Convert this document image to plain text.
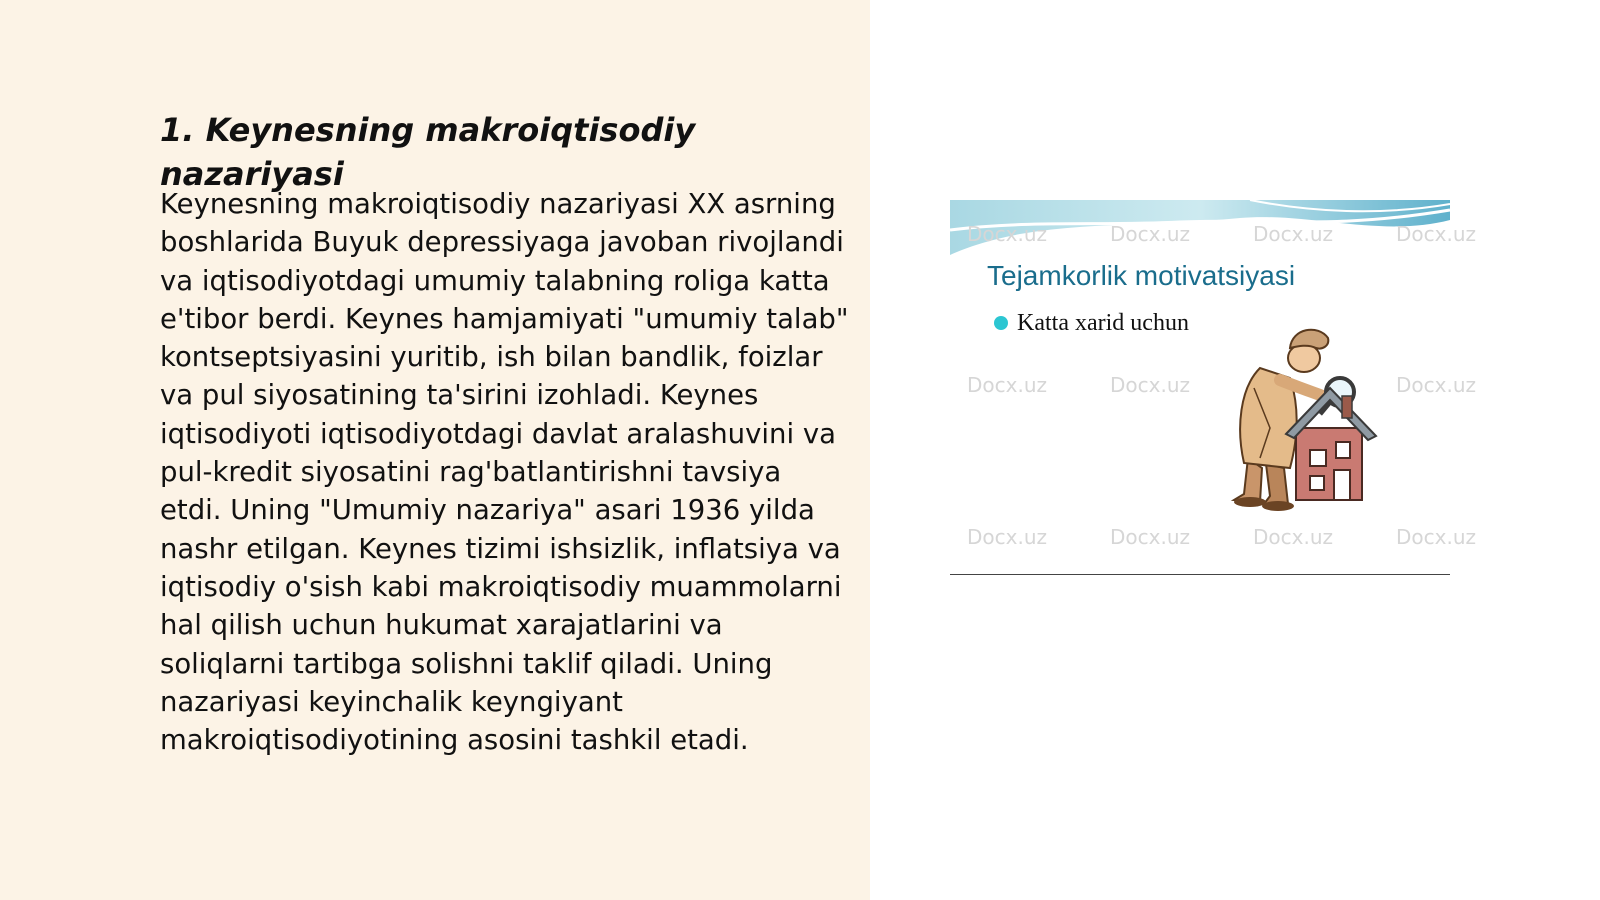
1. Keynesning makroiqtisodiy nazariyasi

Keynesning makroiqtisodiy nazariyasi XX asrning boshlarida Buyuk depressiyaga javoban rivojlandi va iqtisodiyotdagi umumiy talabning roliga katta e'tibor berdi. Keynes hamjamiyati "umumiy talab" kontseptsiyasini yuritib, ish bilan bandlik, foizlar va pul siyosatining ta'sirini izohladi. Keynes iqtisodiyoti iqtisodiyotdagi davlat aralashuvini va pul-kredit siyosatini rag'batlantirishni tavsiya etdi. Uning "Umumiy nazariya" asari 1936 yilda nashr etilgan. Keynes tizimi ishsizlik, inflatsiya va iqtisodiy o'sish kabi makroiqtisodiy muammolarni hal qilish uchun hukumat xarajatlarini va soliqlarni tartibga solishni taklif qiladi. Uning nazariyasi keyinchalik keyngiyant makroiqtisodiyotining asosini tashkil etadi.

Docx.uz	Docx.uz	Docx.uz	Docx.uz
Docx.uz	Docx.uz	Docx.uz
Docx.uz	Docx.uz	Docx.uz	Docx.uz
Tejamkorlik motivatsiyasi
Katta xarid uchun
